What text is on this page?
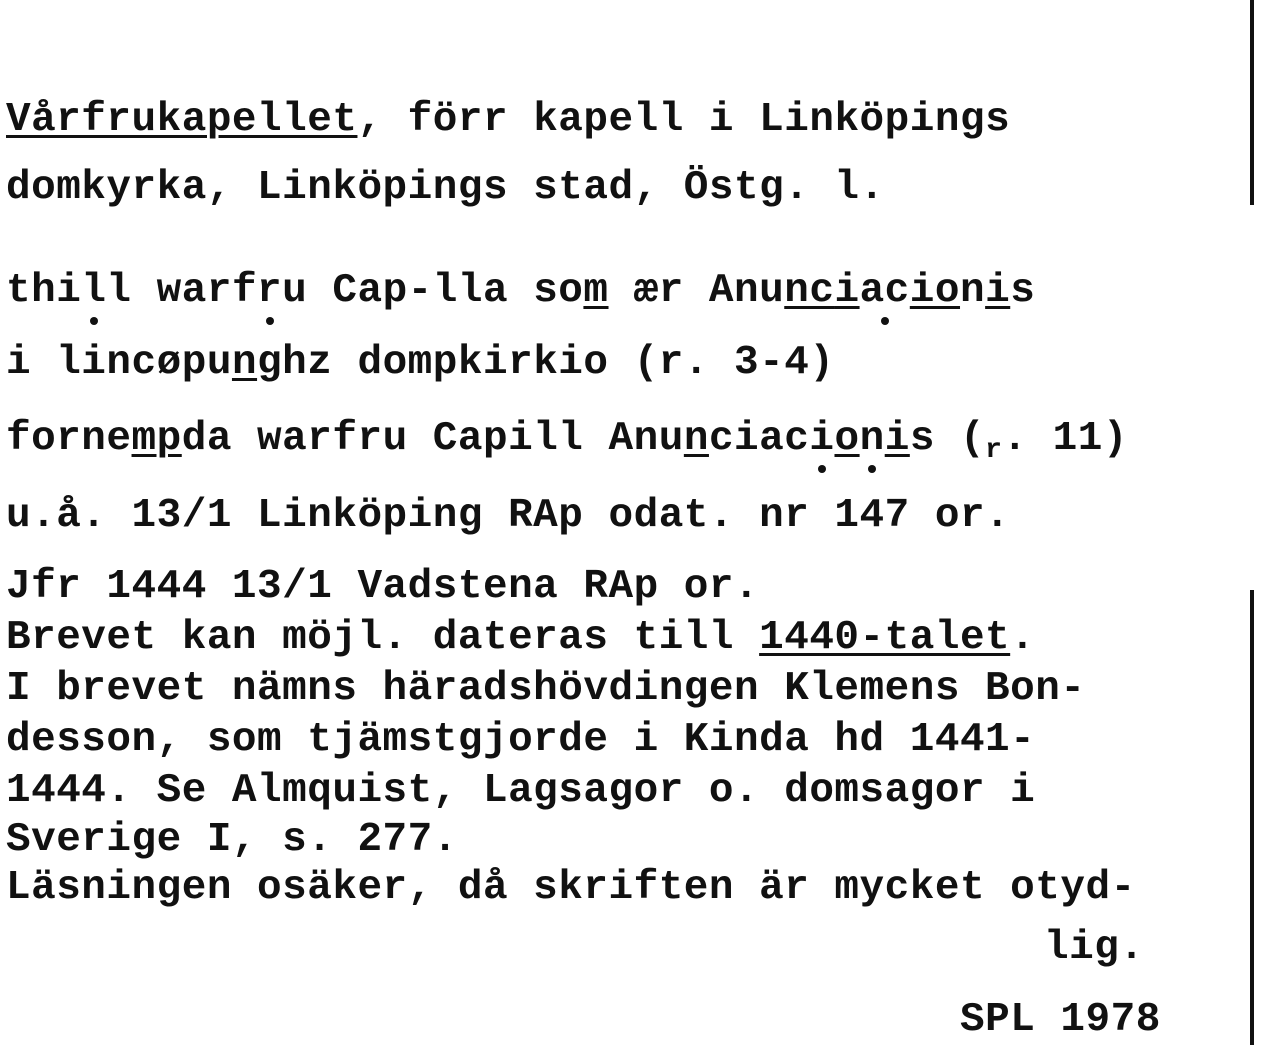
Vårfrukapellet, förr kapell i Linköpings
domkyrka, Linköpings stad, Östg. l.
thill warfru Cap-lla som ær Anunciacionis
i lincøpunghz dompkirkio (r. 3-4)
fornempda warfru Capill Anunciacionis ($_r$. 11)
u.å. 13/1 Linköping RAp odat. nr 147 or.
Jfr 1444 13/1 Vadstena RAp or.
Brevet kan möjl. dateras till 1440-talet.
I brevet nämns häradshövdingen Klemens Bon-
desson, som tjämstgjorde i Kinda hd 1441-
1444. Se Almquist, Lagsagor o. domsagor i
Sverige I, s. 277.
Läsningen osäker, då skriften är mycket otyd-
lig.
SPL 1978
